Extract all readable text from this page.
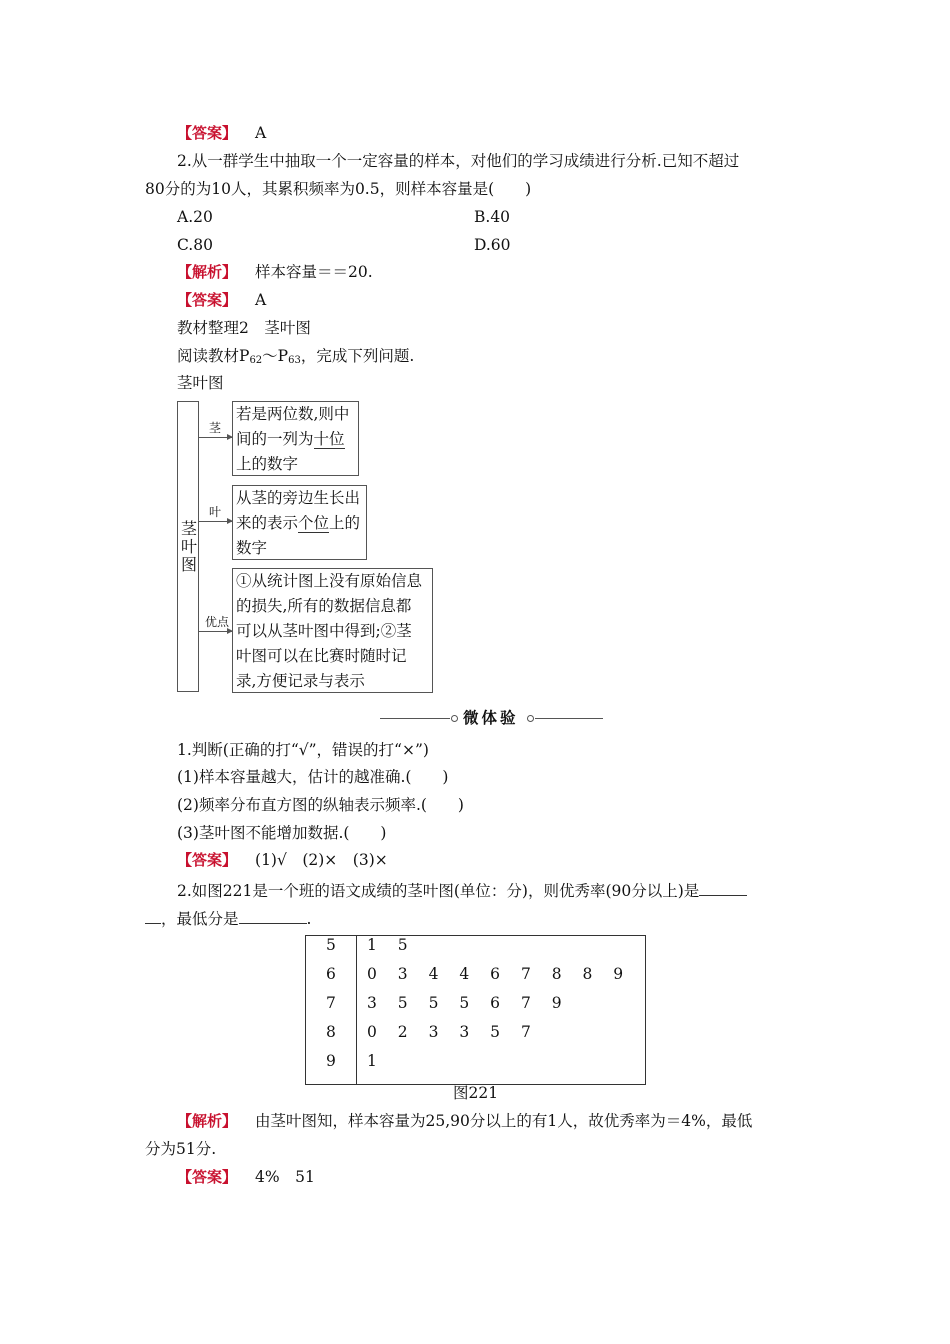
【答案】 A
2.从一群学生中抽取一个一定容量的样本，对他们的学习成绩进行分析.已知不超过
80分的为10人，其累积频率为0.5，则样本容量是(　　)
A.20	B.40
C.80	D.60
【解析】 样本容量＝＝20.
【答案】 A
教材整理2　茎叶图
阅读教材$P_{62}\sim P_{63}$，完成下列问题.
茎叶图
茎叶图
茎
若是两位数,则中
间的一列为十位
上的数字
叶
从茎的旁边生长出
来的表示个位上的
数字
优点
①从统计图上没有原始信息
的损失,所有的数据信息都
可以从茎叶图中得到;②茎
叶图可以在比赛时随时记
录,方便记录与表示
微体验
1.判断(正确的打“√”，错误的打“×”)
(1)样本容量越大，估计的越准确.(　　)
(2)频率分布直方图的纵轴表示频率.(　　)
(3)茎叶图不能增加数据.(　　)
【答案】 (1)√　(2)×　(3)×
2.如图221是一个班的语文成绩的茎叶图(单位：分)，则优秀率(90分以上)是
，最低分是	.
5 1 5
6 0 3 4 4 6 7 8 8 9
7 3 5 5 5 6 7 9
8 0 2 3 3 5 7
9 1
图221
【解析】 由茎叶图知，样本容量为25,90分以上的有1人，故优秀率为＝4%，最低
分为51分.
【答案】 4%　51
